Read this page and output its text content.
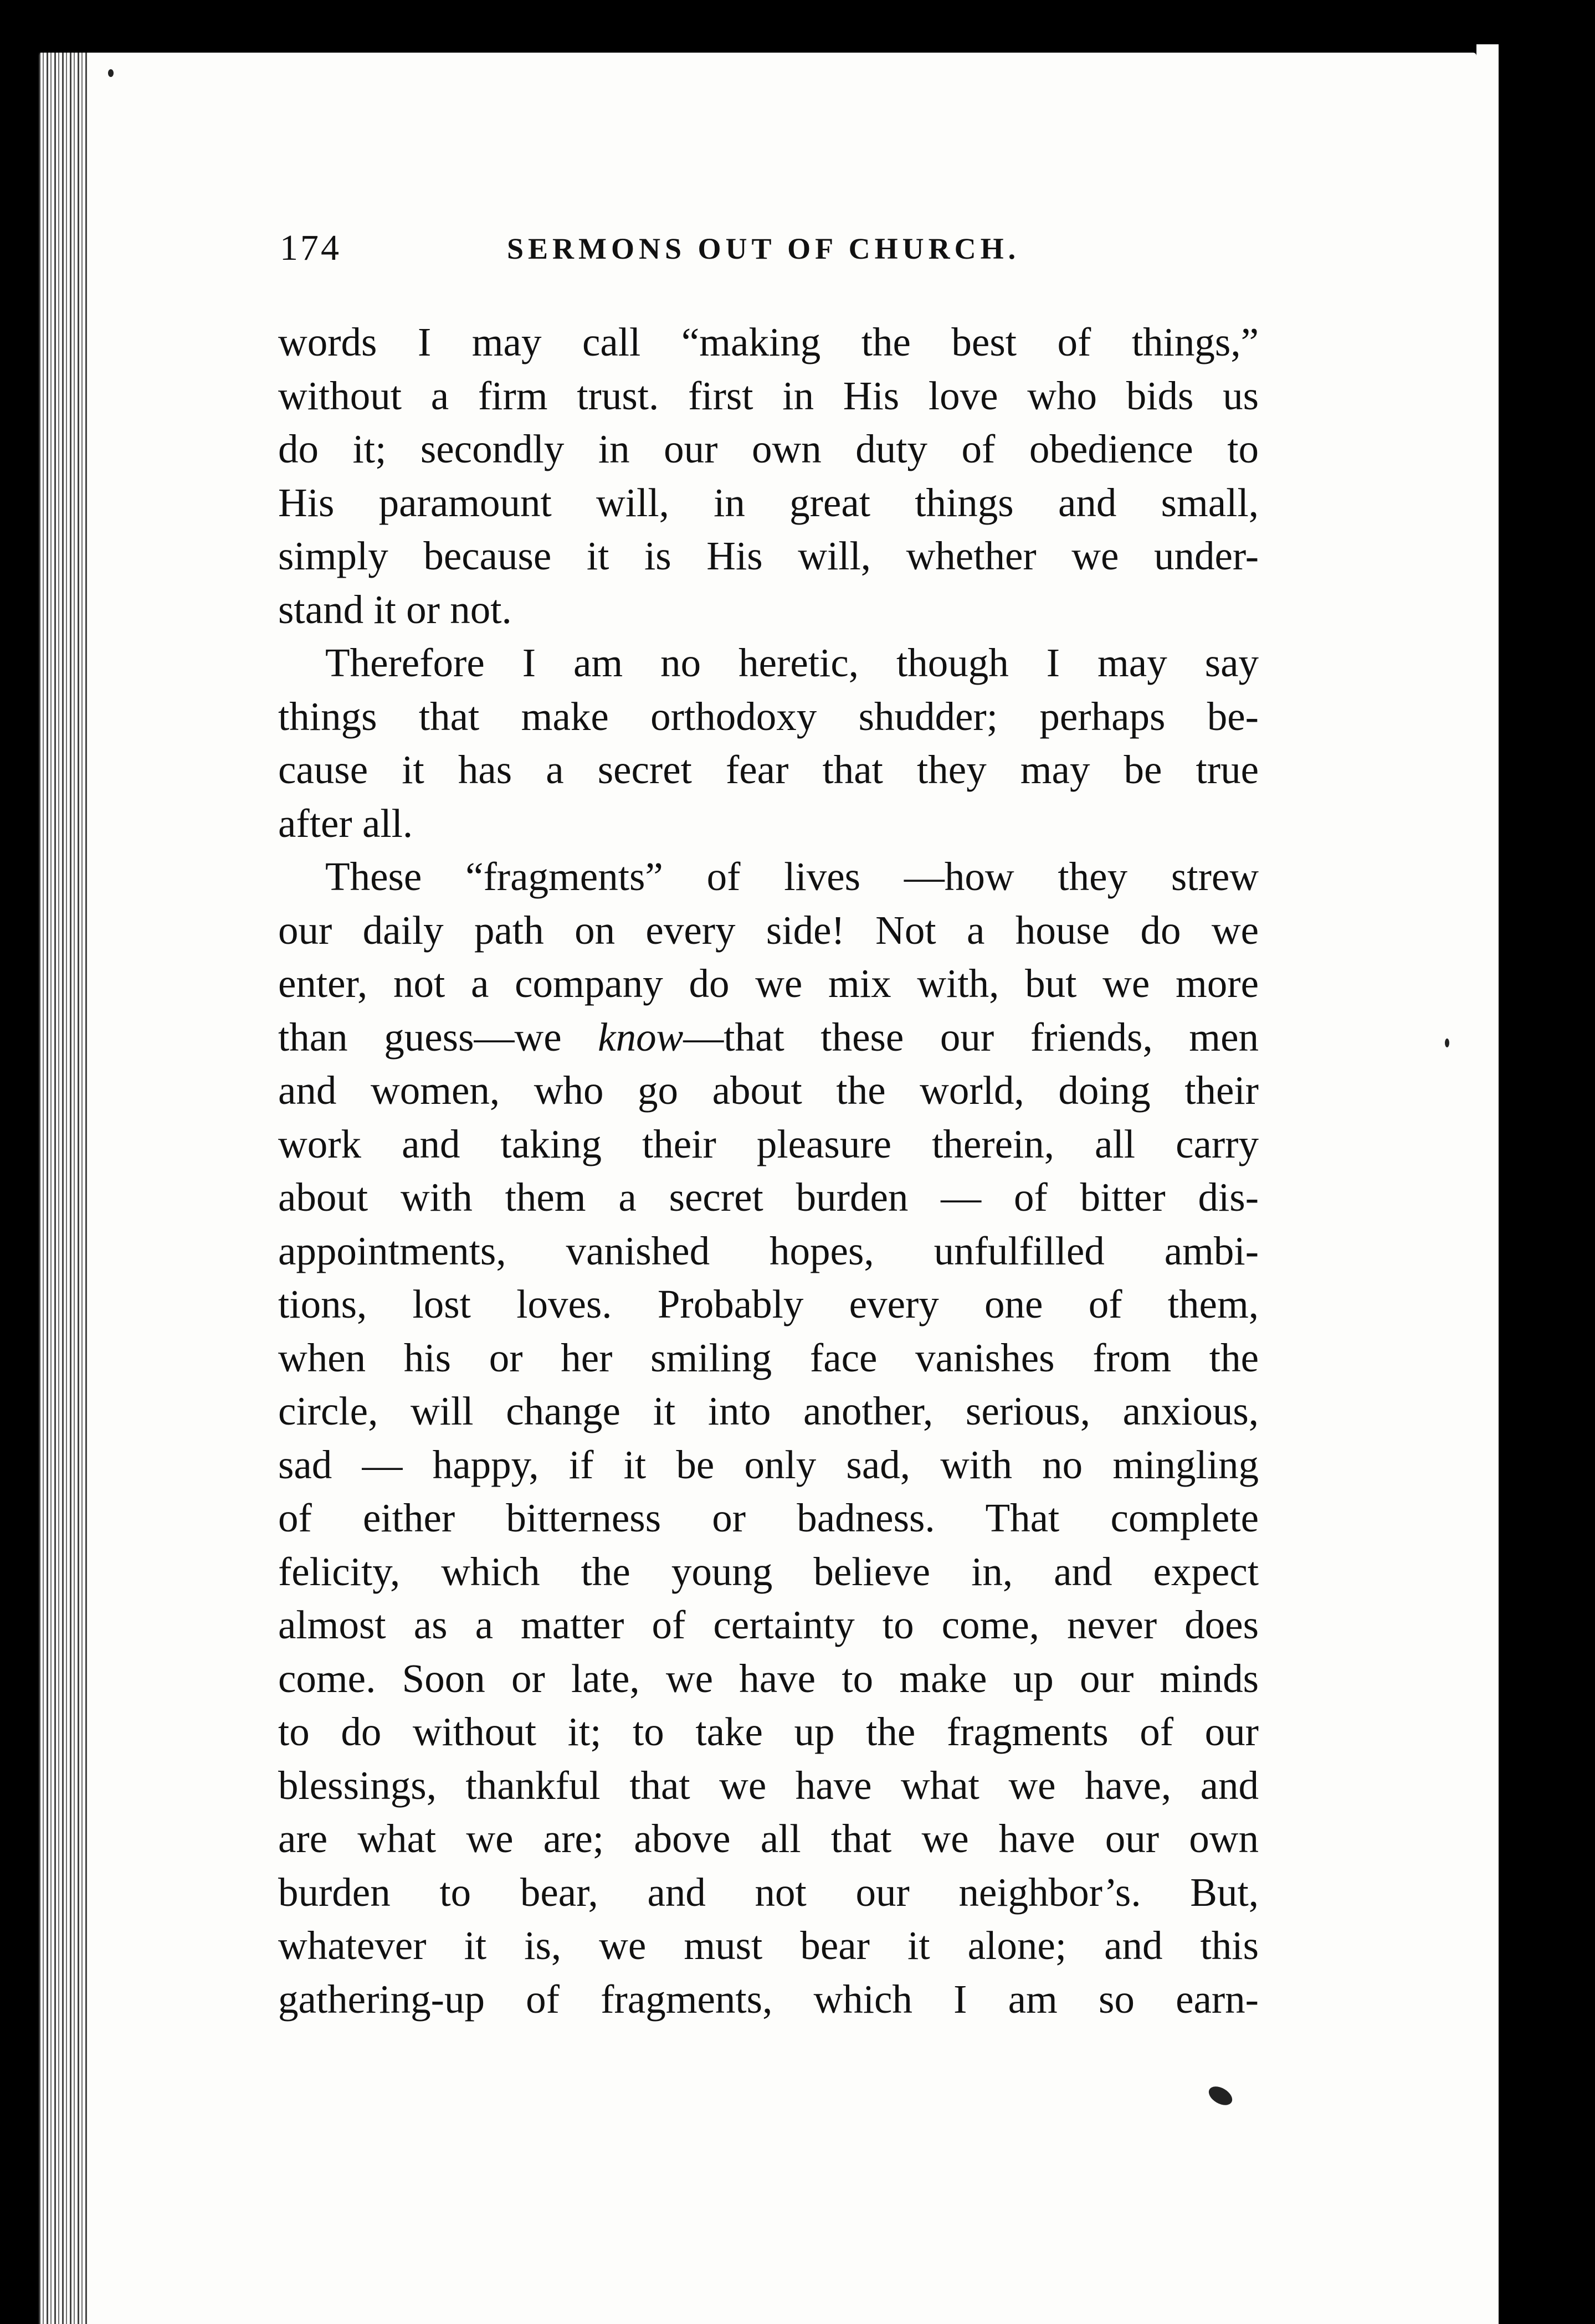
174	SERMONS OUT OF CHURCH.
words I may call “making the best of things,”
without a firm trust. first in His love who bids us
do it; secondly in our own duty of obedience to
His paramount will, in great things and small,
simply because it is His will, whether we under-
stand it or not.
Therefore I am no heretic, though I may say
things that make orthodoxy shudder; perhaps be-
cause it has a secret fear that they may be true
after all.
These “fragments” of lives —how they strew
our daily path on every side! Not a house do we
enter, not a company do we mix with, but we more
than guess—we know—that these our friends, men
and women, who go about the world, doing their
work and taking their pleasure therein, all carry
about with them a secret burden — of bitter dis-
appointments, vanished hopes, unfulfilled ambi-
tions, lost loves. Probably every one of them,
when his or her smiling face vanishes from the
circle, will change it into another, serious, anxious,
sad — happy, if it be only sad, with no mingling
of either bitterness or badness. That complete
felicity, which the young believe in, and expect
almost as a matter of certainty to come, never does
come. Soon or late, we have to make up our minds
to do without it; to take up the fragments of our
blessings, thankful that we have what we have, and
are what we are; above all that we have our own
burden to bear, and not our neighbor’s. But,
whatever it is, we must bear it alone; and this
gathering-up of fragments, which I am so earn-
